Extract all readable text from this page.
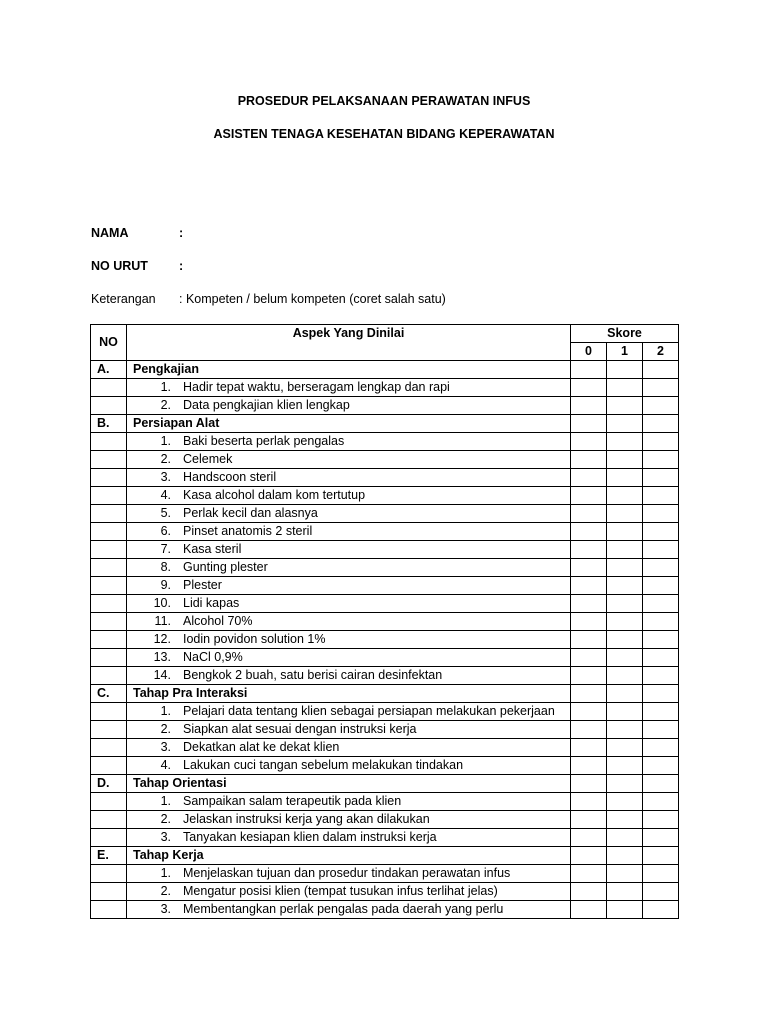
PROSEDUR PELAKSANAAN PERAWATAN INFUS
ASISTEN TENAGA KESEHATAN BIDANG KEPERAWATAN
NAMA	:
NO URUT :
Keterangan : Kompeten / belum kompeten (coret salah satu)
NO	Aspek Yang Dinilai	Skore		
		0	1	2
A.	Pengkajian			
	1. Hadir tepat waktu, berseragam lengkap dan rapi			
	2. Data pengkajian klien lengkap			
B.	Persiapan Alat			
	1. Baki beserta perlak pengalas			
	2. Celemek			
	3. Handscoon steril			
	4. Kasa alcohol dalam kom tertutup			
	5. Perlak kecil dan alasnya			
	6. Pinset anatomis 2 steril			
	7. Kasa steril			
	8. Gunting plester			
	9. Plester			
	10. Lidi kapas			
	11. Alcohol 70%			
	12. Iodin povidon solution 1%			
	13. NaCl 0,9%			
	14. Bengkok 2 buah, satu berisi cairan desinfektan			
C.	Tahap Pra Interaksi			
	1. Pelajari data tentang klien sebagai persiapan melakukan pekerjaan			
	2. Siapkan alat sesuai dengan instruksi kerja			
	3. Dekatkan alat ke dekat klien			
	4. Lakukan cuci tangan sebelum melakukan tindakan			
D.	Tahap Orientasi			
	1. Sampaikan salam terapeutik pada klien			
	2. Jelaskan instruksi kerja yang akan dilakukan			
	3. Tanyakan kesiapan klien dalam instruksi kerja			
E.	Tahap Kerja			
	1. Menjelaskan tujuan dan prosedur tindakan perawatan infus			
	2. Mengatur posisi klien (tempat tusukan infus terlihat jelas)			
	3. Membentangkan perlak pengalas pada daerah yang perlu			
